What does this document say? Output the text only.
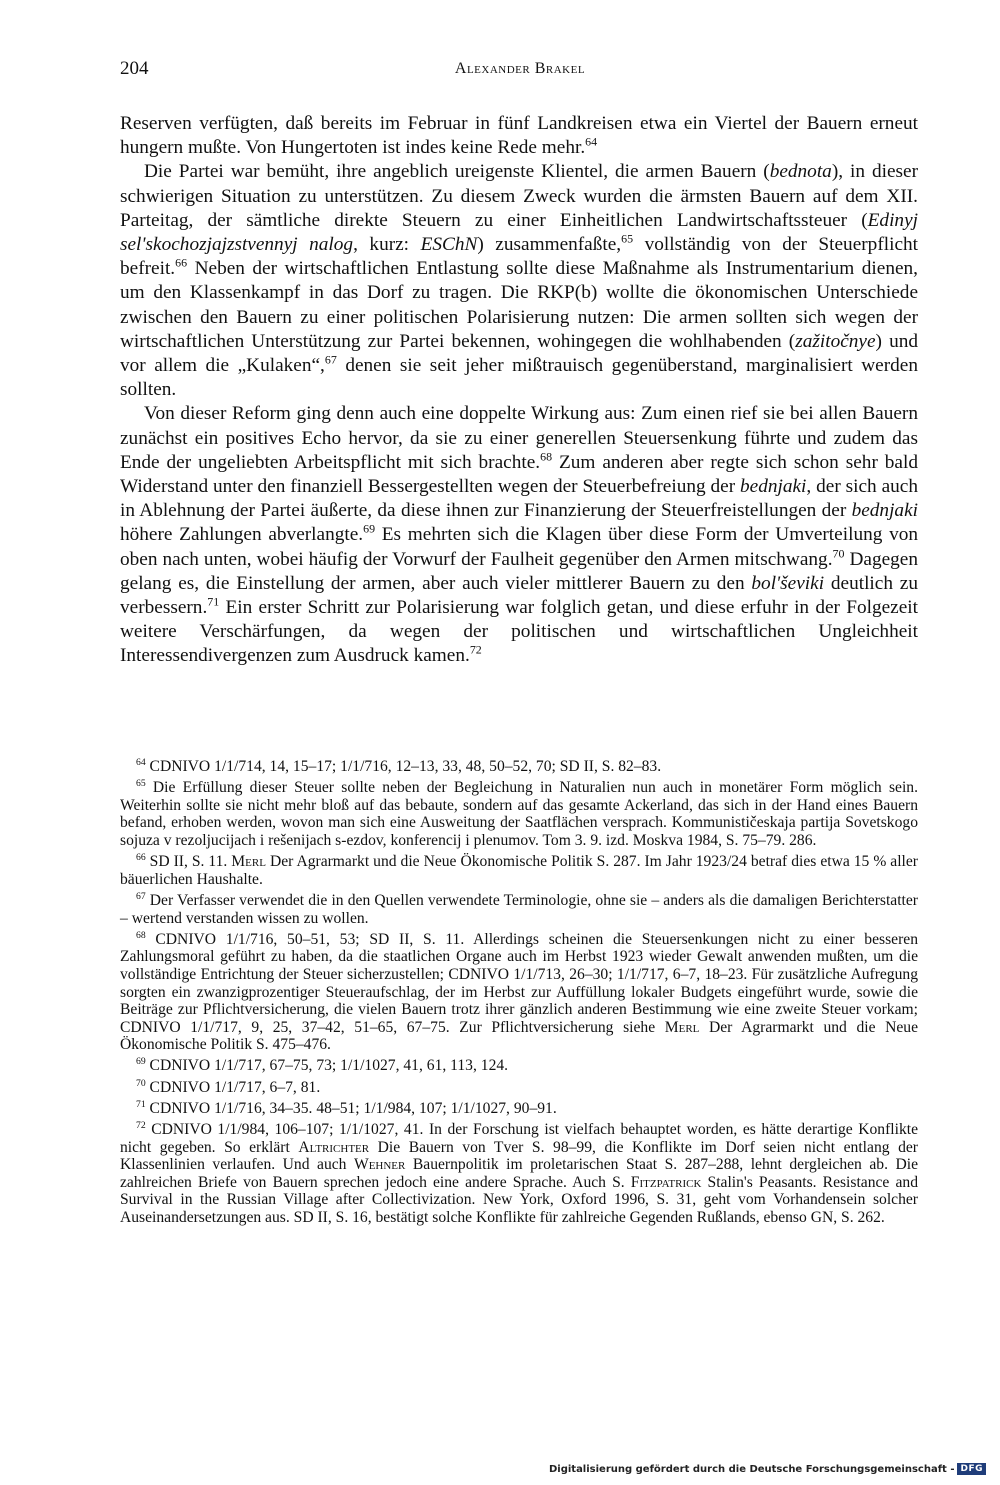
204	Alexander Brakel

Reserven verfügten, daß bereits im Februar in fünf Landkreisen etwa ein Viertel der Bauern erneut hungern mußte. Von Hungertoten ist indes keine Rede mehr.$^{64}$

Die Partei war bemüht, ihre angeblich ureigenste Klientel, die armen Bauern (bednota), in dieser schwierigen Situation zu unterstützen. Zu diesem Zweck wurden die ärmsten Bauern auf dem XII. Parteitag, der sämtliche direkte Steuern zu einer Einheitlichen Landwirtschaftssteuer (Edinyj sel'skochozjajzstvennyj nalog, kurz: ESChN) zusammenfaßte,$^{65}$ vollständig von der Steuerpflicht befreit.$^{66}$ Neben der wirtschaftlichen Entlastung sollte diese Maßnahme als Instrumentarium dienen, um den Klassenkampf in das Dorf zu tragen. Die RKP(b) wollte die ökonomischen Unterschiede zwischen den Bauern zu einer politischen Polarisierung nutzen: Die armen sollten sich wegen der wirtschaftlichen Unterstützung zur Partei bekennen, wohingegen die wohlhabenden (zažitočnye) und vor allem die „Kulaken“,$^{67}$ denen sie seit jeher mißtrauisch gegenüberstand, marginalisiert werden sollten.

Von dieser Reform ging denn auch eine doppelte Wirkung aus: Zum einen rief sie bei allen Bauern zunächst ein positives Echo hervor, da sie zu einer generellen Steuersenkung führte und zudem das Ende der ungeliebten Arbeitspflicht mit sich brachte.$^{68}$ Zum anderen aber regte sich schon sehr bald Widerstand unter den finanziell Bessergestellten wegen der Steuerbefreiung der bednjaki, der sich auch in Ablehnung der Partei äußerte, da diese ihnen zur Finanzierung der Steuerfreistellungen der bednjaki höhere Zahlungen abverlangte.$^{69}$ Es mehrten sich die Klagen über diese Form der Umverteilung von oben nach unten, wobei häufig der Vorwurf der Faulheit gegenüber den Armen mitschwang.$^{70}$ Dagegen gelang es, die Einstellung der armen, aber auch vieler mittlerer Bauern zu den bol'ševiki deutlich zu verbessern.$^{71}$ Ein erster Schritt zur Polarisierung war folglich getan, und diese erfuhr in der Folgezeit weitere Verschärfungen, da wegen der politischen und wirtschaftlichen Ungleichheit Interessendivergenzen zum Ausdruck kamen.$^{72}$

$^{64}$ CDNIVO 1/1/714, 14, 15–17; 1/1/716, 12–13, 33, 48, 50–52, 70; SD II, S. 82–83.

$^{65}$ Die Erfüllung dieser Steuer sollte neben der Begleichung in Naturalien nun auch in monetärer Form möglich sein. Weiterhin sollte sie nicht mehr bloß auf das bebaute, sondern auf das gesamte Ackerland, das sich in der Hand eines Bauern befand, erhoben werden, wovon man sich eine Ausweitung der Saatflächen versprach. Kommunističeskaja partija Sovetskogo sojuza v rezoljucijach i rešenijach s-ezdov, konferencij i plenumov. Tom 3. 9. izd. Moskva 1984, S. 75–79. 286.

$^{66}$ SD II, S. 11. Merl Der Agrarmarkt und die Neue Ökonomische Politik S. 287. Im Jahr 1923/24 betraf dies etwa 15 % aller bäuerlichen Haushalte.

$^{67}$ Der Verfasser verwendet die in den Quellen verwendete Terminologie, ohne sie – anders als die damaligen Berichterstatter – wertend verstanden wissen zu wollen.

$^{68}$ CDNIVO 1/1/716, 50–51, 53; SD II, S. 11. Allerdings scheinen die Steuersenkungen nicht zu einer besseren Zahlungsmoral geführt zu haben, da die staatlichen Organe auch im Herbst 1923 wieder Gewalt anwenden mußten, um die vollständige Entrichtung der Steuer sicherzustellen; CDNIVO 1/1/713, 26–30; 1/1/717, 6–7, 18–23. Für zusätzliche Aufregung sorgten ein zwanzigprozentiger Steueraufschlag, der im Herbst zur Auffüllung lokaler Budgets eingeführt wurde, sowie die Beiträge zur Pflichtversicherung, die vielen Bauern trotz ihrer gänzlich anderen Bestimmung wie eine zweite Steuer vorkam; CDNIVO 1/1/717, 9, 25, 37–42, 51–65, 67–75. Zur Pflichtversicherung siehe Merl Der Agrarmarkt und die Neue Ökonomische Politik S. 475–476.

$^{69}$ CDNIVO 1/1/717, 67–75, 73; 1/1/1027, 41, 61, 113, 124.

$^{70}$ CDNIVO 1/1/717, 6–7, 81.

$^{71}$ CDNIVO 1/1/716, 34–35. 48–51; 1/1/984, 107; 1/1/1027, 90–91.

$^{72}$ CDNIVO 1/1/984, 106–107; 1/1/1027, 41. In der Forschung ist vielfach behauptet worden, es hätte derartige Konflikte nicht gegeben. So erklärt Altrichter Die Bauern von Tver S. 98–99, die Konflikte im Dorf seien nicht entlang der Klassenlinien verlaufen. Und auch Wehner Bauernpolitik im proletarischen Staat S. 287–288, lehnt dergleichen ab. Die zahlreichen Briefe von Bauern sprechen jedoch eine andere Sprache. Auch S. Fitzpatrick Stalin's Peasants. Resistance and Survival in the Russian Village after Collectivization. New York, Oxford 1996, S. 31, geht vom Vorhandensein solcher Auseinandersetzungen aus. SD II, S. 16, bestätigt solche Konflikte für zahlreiche Gegenden Rußlands, ebenso GN, S. 262.

Digitalisierung gefördert durch die Deutsche Forschungsgemeinschaft - DFG
